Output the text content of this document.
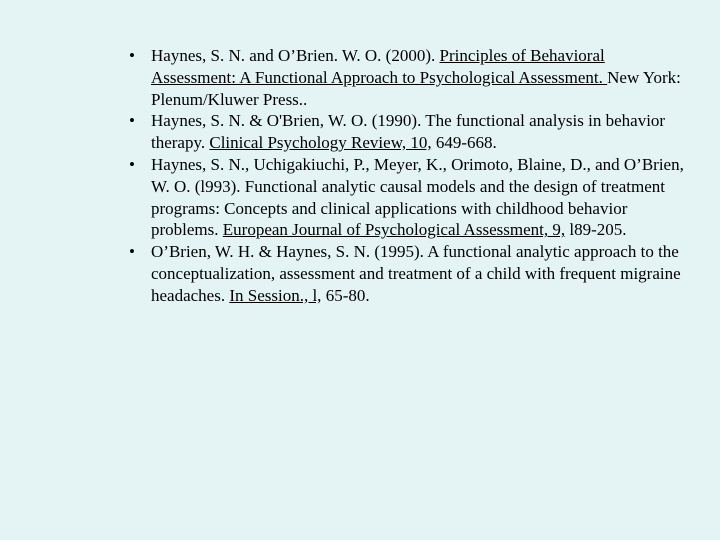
• Haynes, S. N. and O’Brien. W. O. (2000). Principles of Behavioral Assessment: A Functional Approach to Psychological Assessment. New York: Plenum/Kluwer Press..
• Haynes, S. N. & O'Brien, W. O. (1990). The functional analysis in behavior therapy. Clinical Psychology Review, 10, 649-668.
• Haynes, S. N., Uchigakiuchi, P., Meyer, K., Orimoto, Blaine, D., and O’Brien, W. O. (l993). Functional analytic causal models and the design of treatment programs: Concepts and clinical applications with childhood behavior problems. European Journal of Psychological Assessment, 9, l89-205.
• O’Brien, W. H. & Haynes, S. N. (1995). A functional analytic approach to the conceptualization, assessment and treatment of a child with frequent migraine headaches. In Session., l, 65-80.
